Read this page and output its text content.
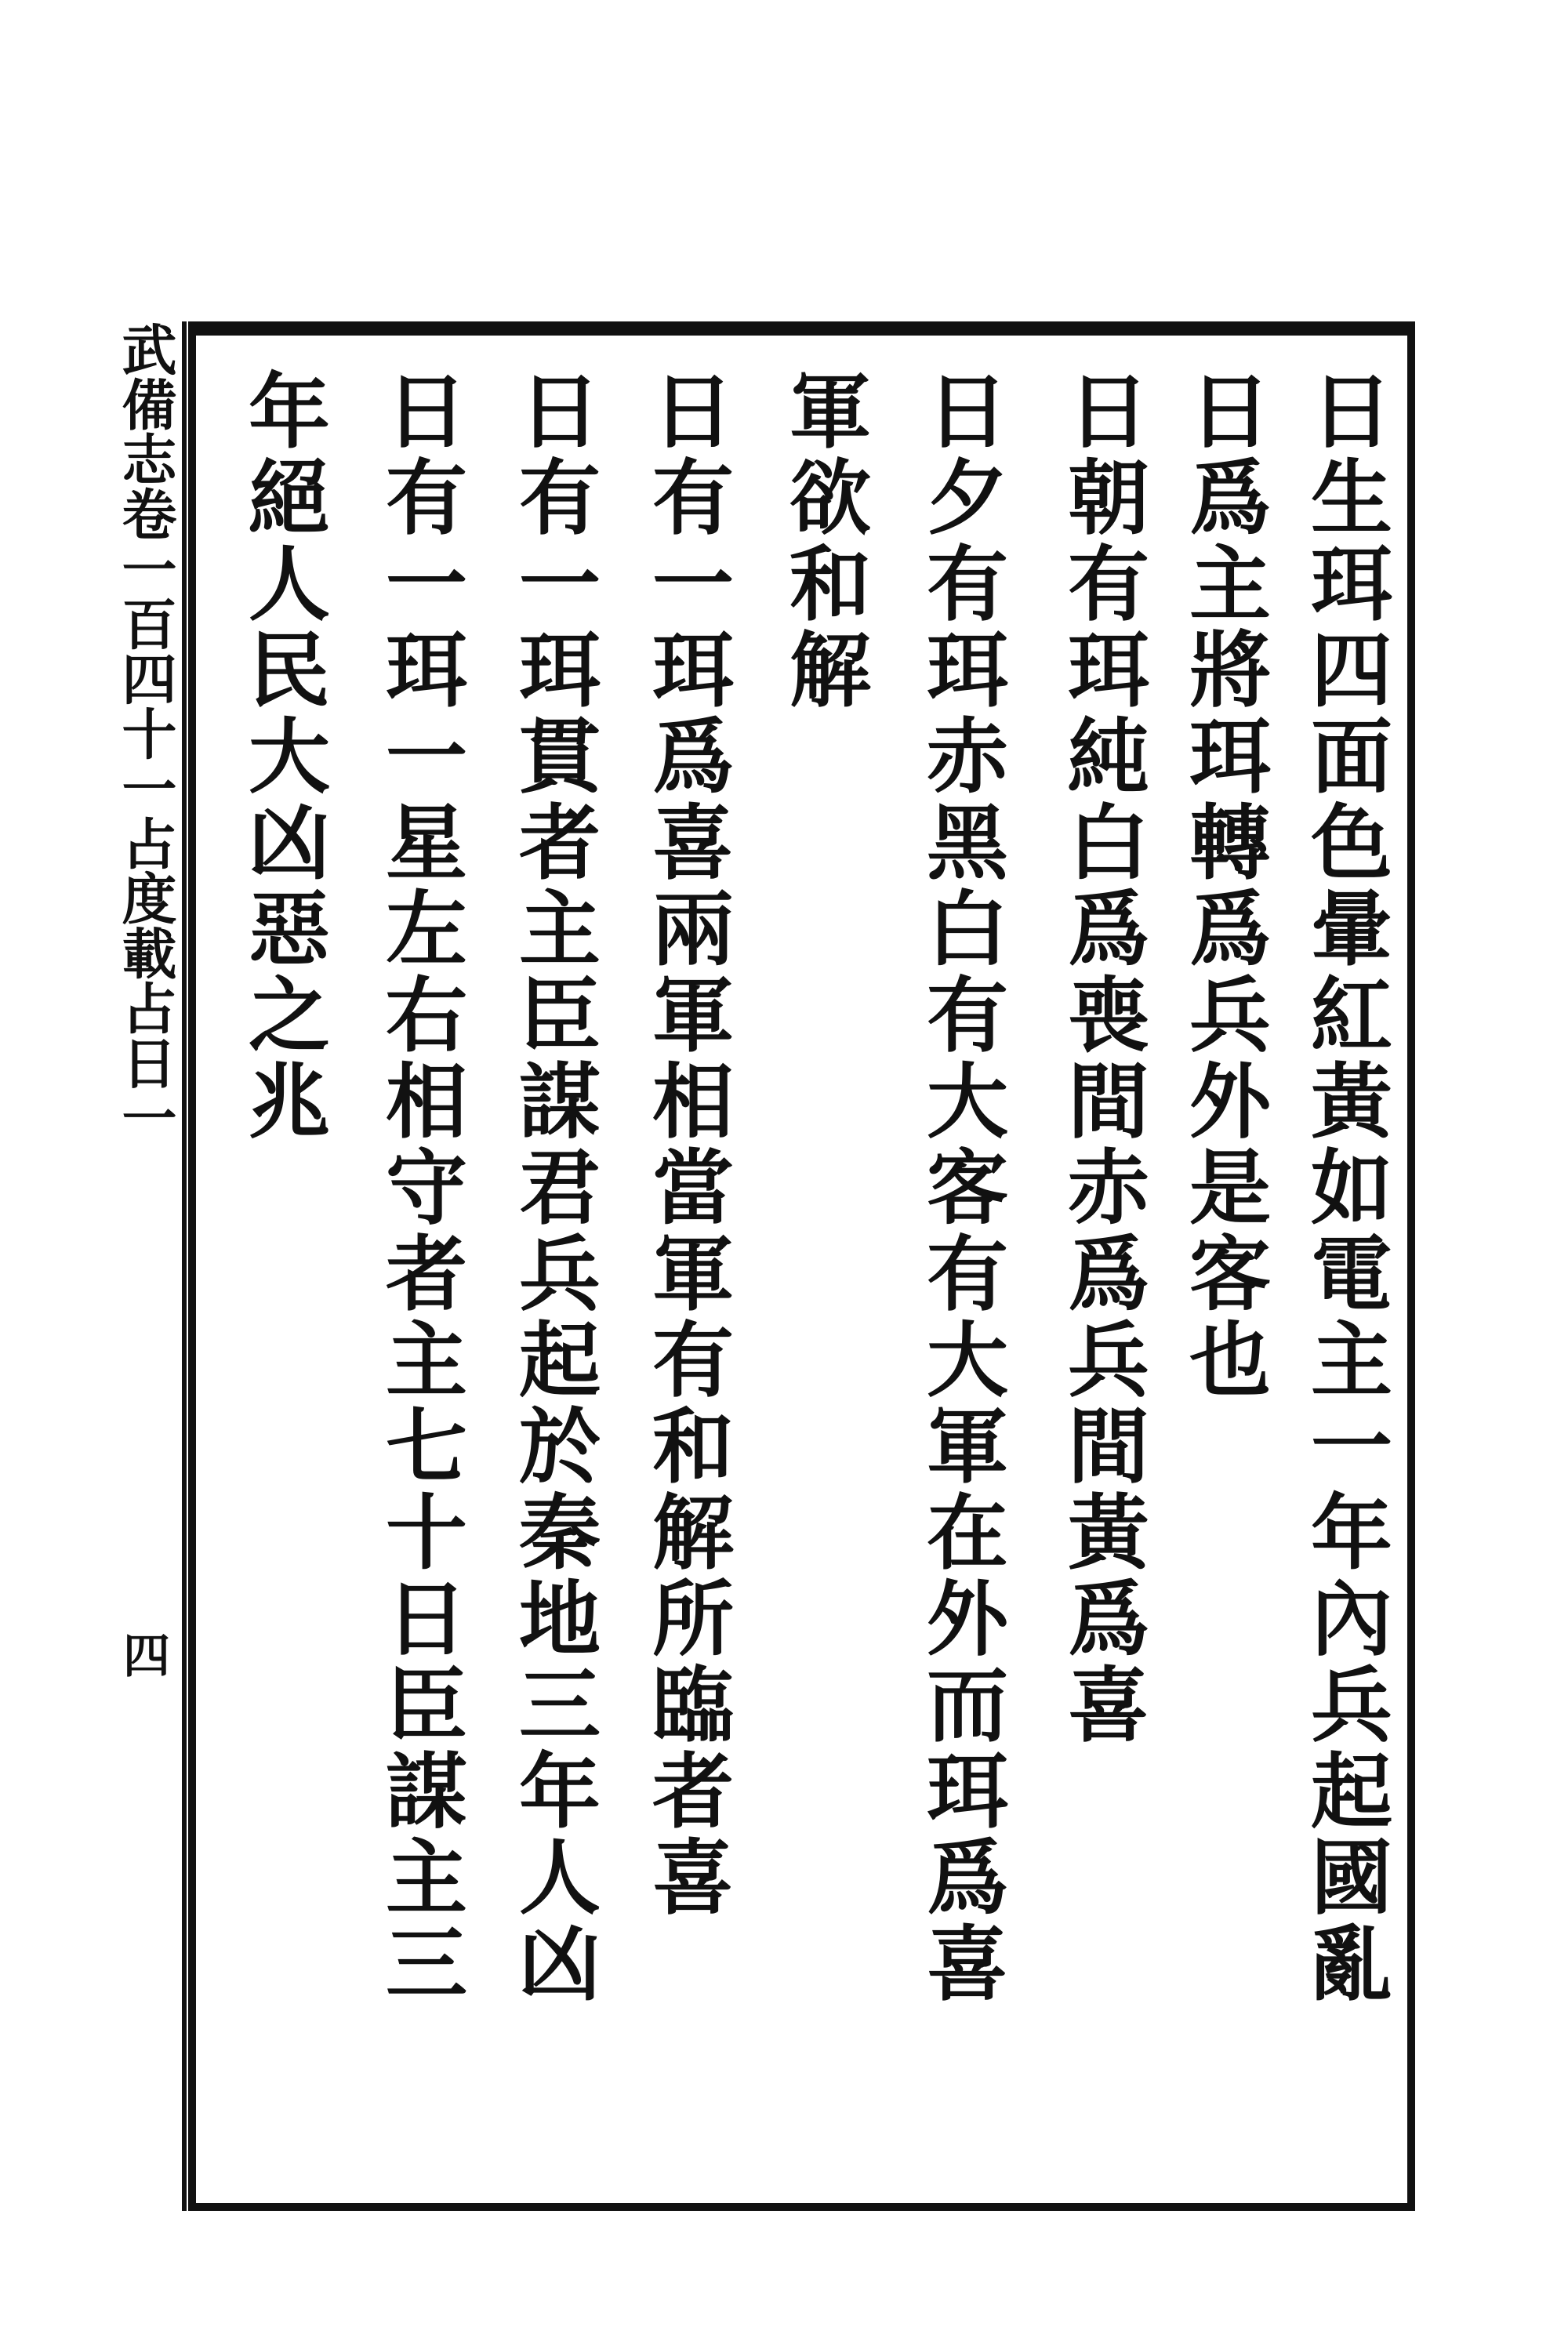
武備志卷一百四十一占度載占日一
四	日生珥四面色暈紅黃如電主一年內兵起國亂
日爲主將珥轉爲兵外是客也
日朝有珥純白爲喪間赤爲兵間黃爲喜
日夕有珥赤黑白有大客有大軍在外而珥爲喜
軍欲和解
日有一珥爲喜兩軍相當軍有和解所臨者喜
日有一珥貫者主臣謀君兵起於秦地三年人凶
日有一珥一星左右相守者主七十日臣謀主三
年絕人民大凶惡之兆
